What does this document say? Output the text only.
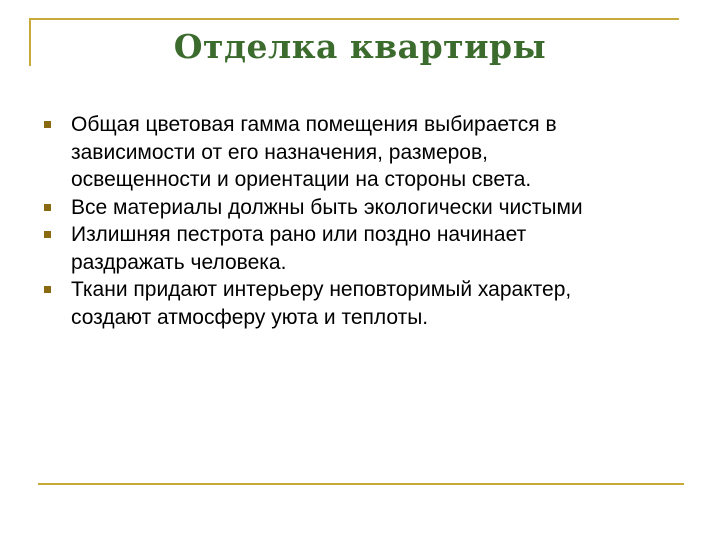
Отделка квартиры
Общая цветовая гамма помещения выбирается в
зависимости от его назначения, размеров,
освещенности и ориентации на стороны света.
Все материалы должны быть экологически чистыми
Излишняя пестрота рано или поздно начинает
раздражать человека.
Ткани придают интерьеру неповторимый характер,
создают атмосферу уюта и теплоты.
